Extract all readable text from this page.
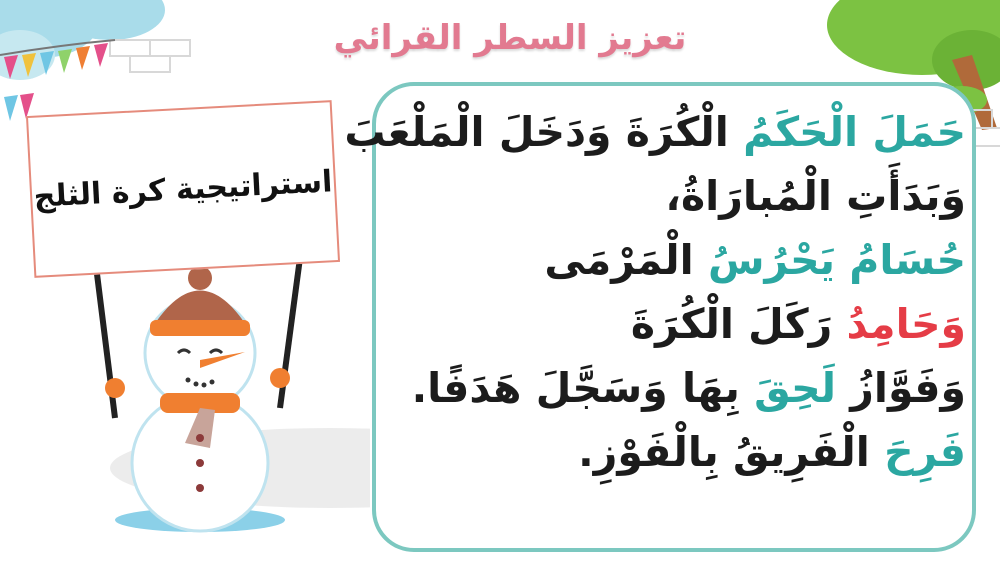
تعزيز السطر القرائي
استراتيجية كرة الثلج
حَمَلَ الْحَكَمُ الْكُرَةَ وَدَخَلَ الْمَلْعَبَ
وَبَدَأَتِ الْمُبارَاةُ،
حُسَامُ يَحْرُسُ الْمَرْمَى
وَحَامِدُ رَكَلَ الْكُرَةَ
وَفَوَّازُ لَحِقَ بِهَا وَسَجَّلَ هَدَفًا.
فَرِحَ الْفَرِيقُ بِالْفَوْزِ.
